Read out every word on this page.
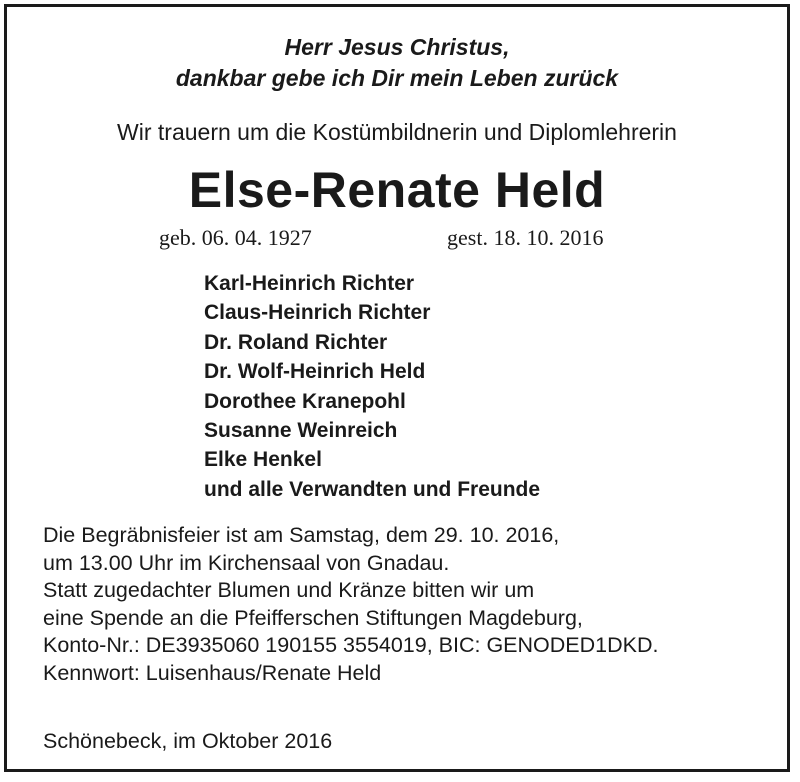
Herr Jesus Christus,
dankbar gebe ich Dir mein Leben zurück
Wir trauern um die Kostümbildnerin und Diplomlehrerin
Else-Renate Held
geb. 06. 04. 1927	gest. 18. 10. 2016
Karl-Heinrich Richter
Claus-Heinrich Richter
Dr. Roland Richter
Dr. Wolf-Heinrich Held
Dorothee Kranepohl
Susanne Weinreich
Elke Henkel
und alle Verwandten und Freunde
Die Begräbnisfeier ist am Samstag, dem 29. 10. 2016,
um 13.00 Uhr im Kirchensaal von Gnadau.
Statt zugedachter Blumen und Kränze bitten wir um
eine Spende an die Pfeifferschen Stiftungen Magdeburg,
Konto-Nr.: DE3935060 190155 3554019, BIC: GENODED1DKD.
Kennwort: Luisenhaus/Renate Held
Schönebeck, im Oktober 2016
